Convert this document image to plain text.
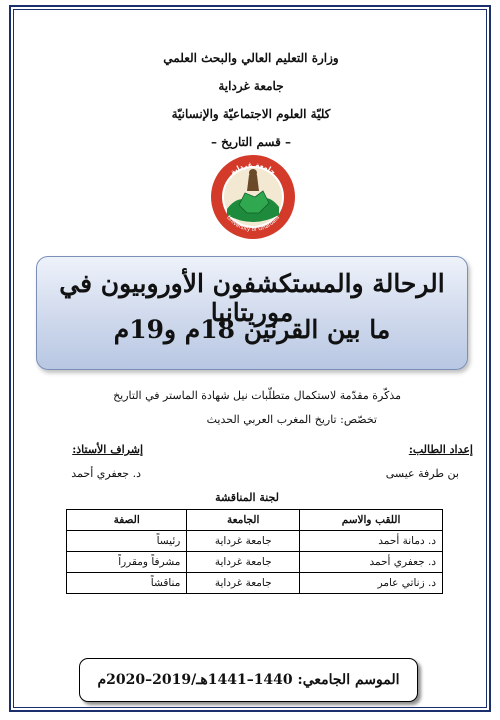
وزارة التعليم العالي والبحث العلمي
جامعة غرداية
كليّة العلوم الاجتماعيّة والإنسانيّة
– قسم التاريخ –
جامعة غرداية
University of Ghardaia
الرحالة والمستكشفون الأوروبيون في موريتانيا
ما بين القرنين 18م و19م
مذكّرة مقدّمة لاستكمال متطلّبات نيل شهادة الماستر في التاريخ
تخصّص: تاريخ المغرب العربي الحديث
إعداد الطالب:
بن طرفة عيسى
إشراف الأستاذ:
د. جعفري أحمد
لجنة المناقشة
اللقب والاسم	الجامعة	الصفة
د. دمانة أحمد	جامعة غرداية	رئيساً
د. جعفري أحمد	جامعة غرداية	مشرفاً ومقرراً
د. زناتي عامر	جامعة غرداية	مناقشاً
الموسم الجامعي: 1440–1441هـ/2019–2020م
